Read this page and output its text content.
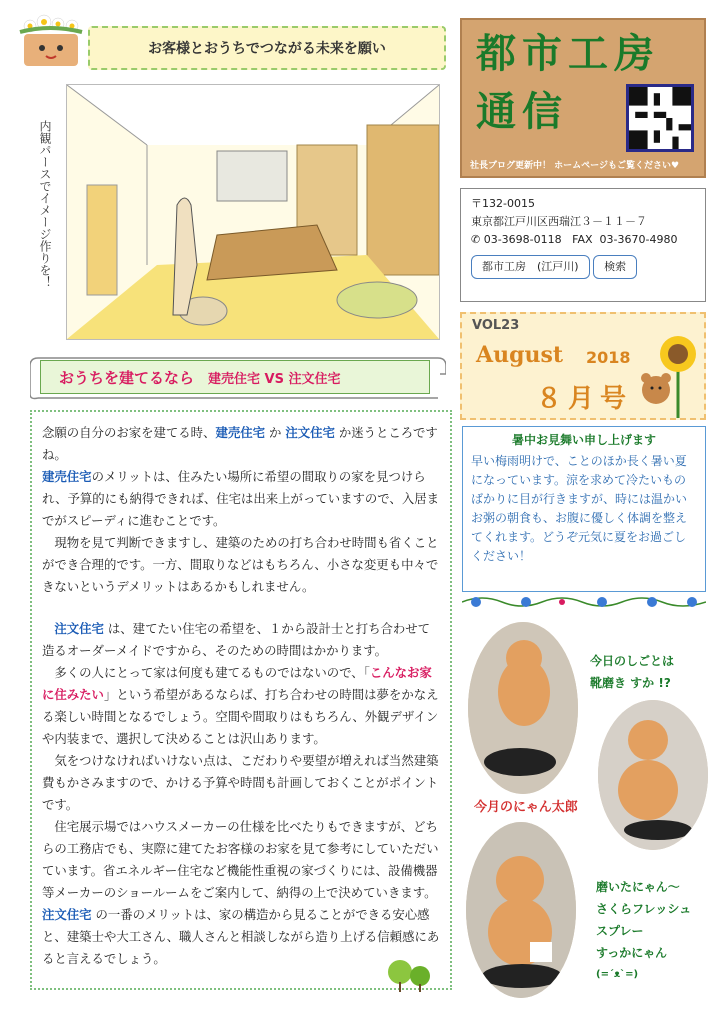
お客様とおうちでつながる未来を願い
内観パースでイメージ作りを！
都市工房
通信
社長ブログ更新中！ ホームページもご覧ください♥
〒132-0015
東京都江戸川区西瑞江３－１１－７
✆ 03-3698-0118 FAX 03-3670-4980
都市工房　(江戸川) 検索
VOL23
August 2018
８月号
暑中お見舞い申し上げます
早い梅雨明けで、ことのほか長く暑い夏になっています。涼を求めて冷たいものばかりに目が行きますが、時には温かいお粥の朝食も、お腹に優しく体調を整えてくれます。どうぞ元気に夏をお過ごしください！
おうちを建てるなら 建売住宅 VS 注文住宅

念願の自分のお家を建てる時、建売住宅 か 注文住宅 か迷うところですね。

建売住宅のメリットは、住みたい場所に希望の間取りの家を見つけられ、予算的にも納得できれば、住宅は出来上がっていますので、入居までがスピーディに進むことです。

現物を見て判断できますし、建築のための打ち合わせ時間も省くことができ合理的です。一方、間取りなどはもちろん、小さな変更も中々できないというデメリットはあるかもしれません。

注文住宅 は、建てたい住宅の希望を、１から設計士と打ち合わせて造るオーダーメイドですから、そのための時間はかかります。

多くの人にとって家は何度も建てるものではないので、「こんなお家に住みたい」という希望があるならば、打ち合わせの時間は夢をかなえる楽しい時間となるでしょう。空間や間取りはもちろん、外観デザインや内装まで、選択して決めることは沢山あります。

気をつけなければいけない点は、こだわりや要望が増えれば当然建築費もかさみますので、かける予算や時間も計画しておくことがポイントです。

住宅展示場ではハウスメーカーの仕様を比べたりもできますが、どちらの工務店でも、実際に建てたお客様のお家を見て参考にしていただいています。省エネルギー住宅など機能性重視の家づくりには、設備機器等メーカーのショールームをご案内して、納得の上で決めていきます。注文住宅 の一番のメリットは、家の構造から見ることができる安心感と、建築士や大工さん、職人さんと相談しながら造り上げる信頼感にあると言えるでしょう。

今日のしごとは
靴磨き すか !?
今月のにゃん太郎
磨いたにゃん～
さくらフレッシュ
スプレー
すっかにゃん
(=´ᴥ`=)
